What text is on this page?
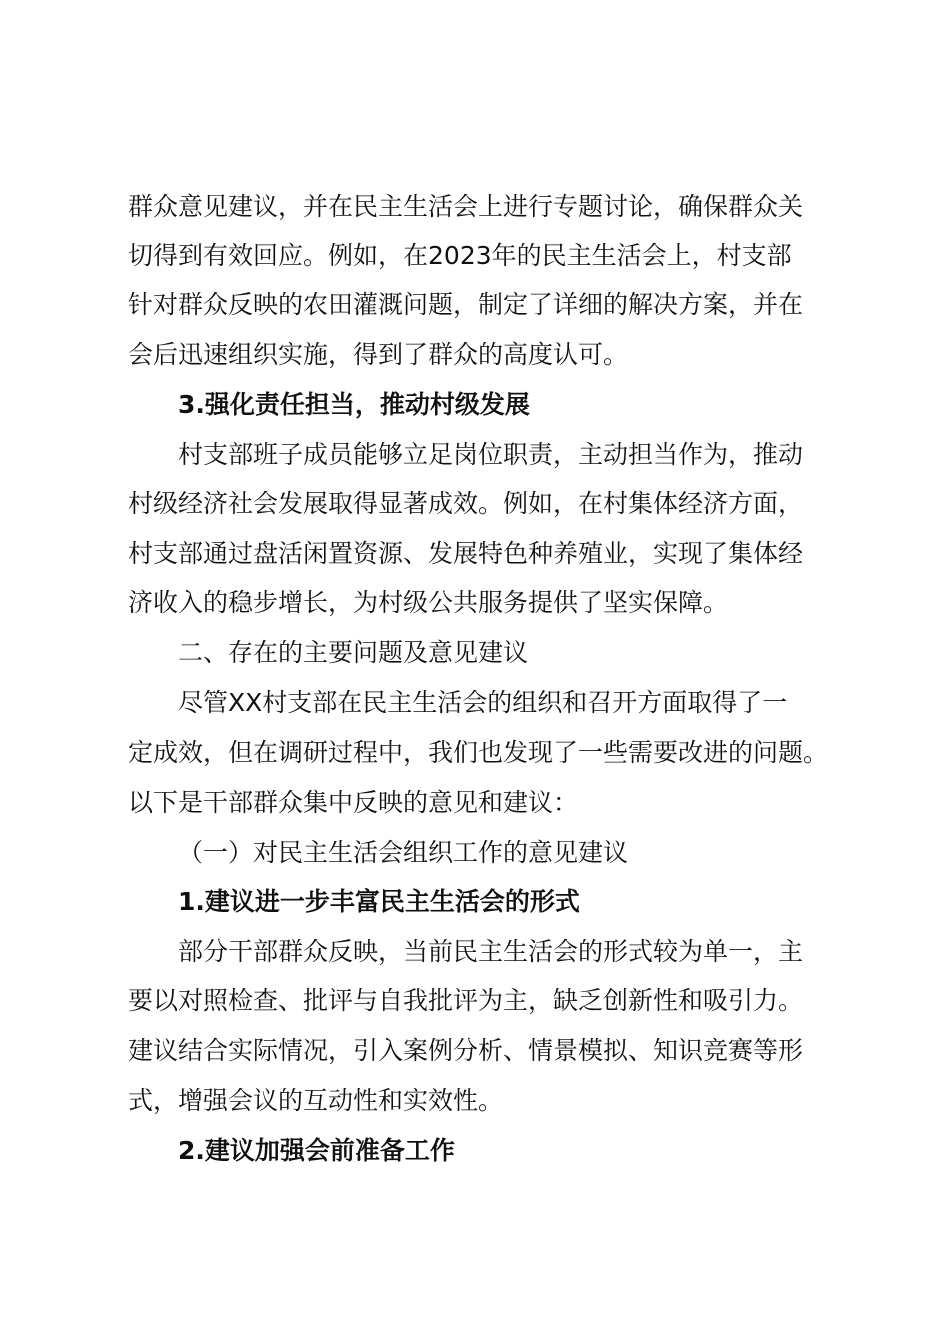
群众意见建议，并在民主生活会上进行专题讨论，确保群众关
切得到有效回应。例如，在2023年的民主生活会上，村支部
针对群众反映的农田灌溉问题，制定了详细的解决方案，并在
会后迅速组织实施，得到了群众的高度认可。
3.强化责任担当，推动村级发展
村支部班子成员能够立足岗位职责，主动担当作为，推动
村级经济社会发展取得显著成效。例如，在村集体经济方面，
村支部通过盘活闲置资源、发展特色种养殖业，实现了集体经
济收入的稳步增长，为村级公共服务提供了坚实保障。
二、存在的主要问题及意见建议
尽管XX村支部在民主生活会的组织和召开方面取得了一
定成效，但在调研过程中，我们也发现了一些需要改进的问题。
以下是干部群众集中反映的意见和建议：
（一）对民主生活会组织工作的意见建议
1.建议进一步丰富民主生活会的形式
部分干部群众反映，当前民主生活会的形式较为单一，主
要以对照检查、批评与自我批评为主，缺乏创新性和吸引力。
建议结合实际情况，引入案例分析、情景模拟、知识竞赛等形
式，增强会议的互动性和实效性。
2.建议加强会前准备工作
